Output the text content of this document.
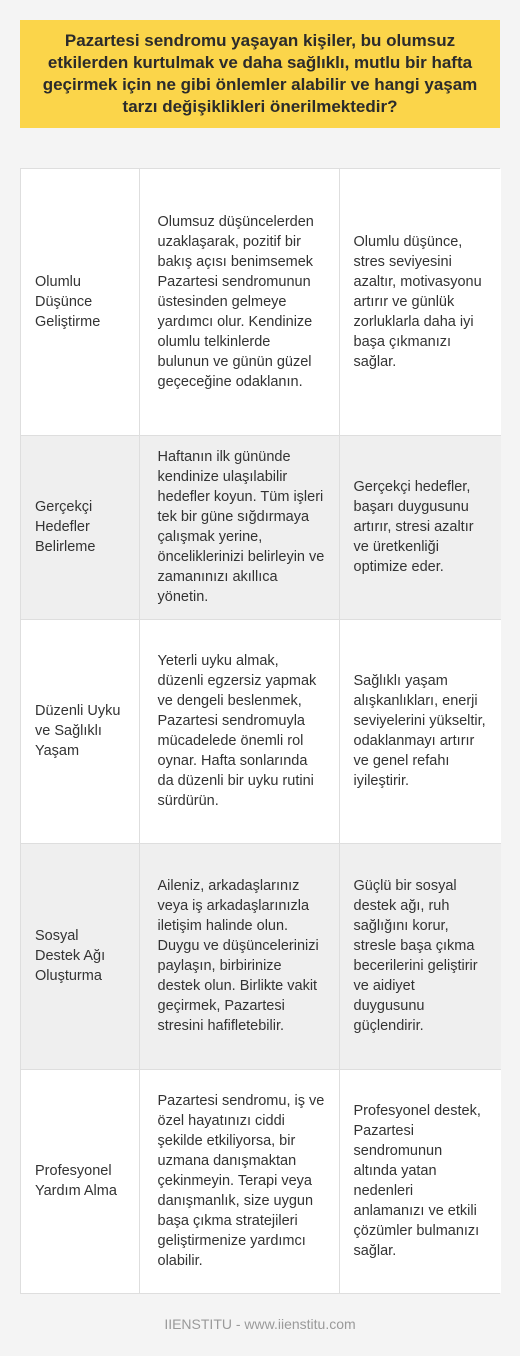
Pazartesi sendromu yaşayan kişiler, bu olumsuz etkilerden kurtulmak ve daha sağlıklı, mutlu bir hafta geçirmek için ne gibi önlemler alabilir ve hangi yaşam tarzı değişiklikleri önerilmektedir?
Olumlu Düşünce Geliştirme	Olumsuz düşüncelerden uzaklaşarak, pozitif bir bakış açısı benimsemek Pazartesi sendromunun üstesinden gelmeye yardımcı olur. Kendinize olumlu telkinlerde bulunun ve günün güzel geçeceğine odaklanın.	Olumlu düşünce, stres seviyesini azaltır, motivasyonu artırır ve günlük zorluklarla daha iyi başa çıkmanızı sağlar.
Gerçekçi Hedefler Belirleme	Haftanın ilk gününde kendinize ulaşılabilir hedefler koyun. Tüm işleri tek bir güne sığdırmaya çalışmak yerine, önceliklerinizi belirleyin ve zamanınızı akıllıca yönetin.	Gerçekçi hedefler, başarı duygusunu artırır, stresi azaltır ve üretkenliği optimize eder.
Düzenli Uyku ve Sağlıklı Yaşam	Yeterli uyku almak, düzenli egzersiz yapmak ve dengeli beslenmek, Pazartesi sendromuyla mücadelede önemli rol oynar. Hafta sonlarında da düzenli bir uyku rutini sürdürün.	Sağlıklı yaşam alışkanlıkları, enerji seviyelerini yükseltir, odaklanmayı artırır ve genel refahı iyileştirir.
Sosyal Destek Ağı Oluşturma	Aileniz, arkadaşlarınız veya iş arkadaşlarınızla iletişim halinde olun. Duygu ve düşüncelerinizi paylaşın, birbirinize destek olun. Birlikte vakit geçirmek, Pazartesi stresini hafifletebilir.	Güçlü bir sosyal destek ağı, ruh sağlığını korur, stresle başa çıkma becerilerini geliştirir ve aidiyet duygusunu güçlendirir.
Profesyonel Yardım Alma	Pazartesi sendromu, iş ve özel hayatınızı ciddi şekilde etkiliyorsa, bir uzmana danışmaktan çekinmeyin. Terapi veya danışmanlık, size uygun başa çıkma stratejileri geliştirmenize yardımcı olabilir.	Profesyonel destek, Pazartesi sendromunun altında yatan nedenleri anlamanızı ve etkili çözümler bulmanızı sağlar.
IIENSTITU - www.iienstitu.com
